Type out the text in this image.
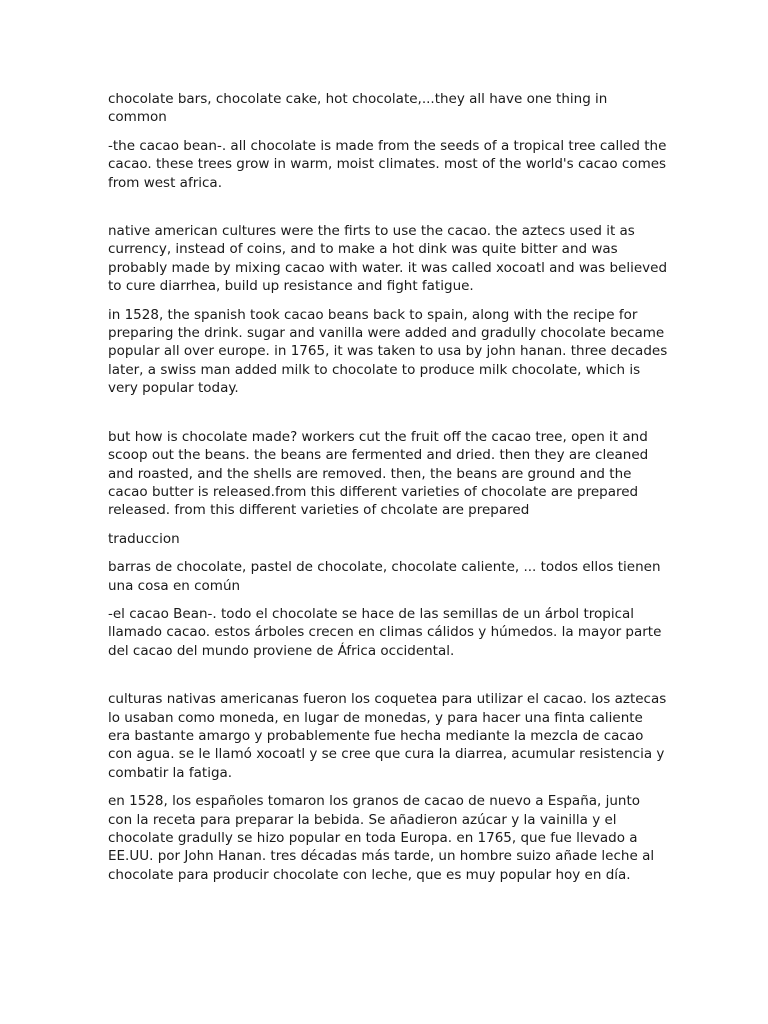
chocolate bars, chocolate cake, hot chocolate,...they all have one thing in common

-the cacao bean-. all chocolate is made from the seeds of a tropical tree called the cacao. these trees grow in warm, moist climates. most of the world's cacao comes from west africa.

native american cultures were the firts to use the cacao. the aztecs used it as currency, instead of coins, and to make a hot dink was quite bitter and was probably made by mixing cacao with water. it was called xocoatl and was believed to cure diarrhea, build up resistance and fight fatigue.

in 1528, the spanish took cacao beans back to spain, along with the recipe for preparing the drink. sugar and vanilla were added and gradully chocolate became popular all over europe. in 1765, it was taken to usa by john hanan. three decades later, a swiss man added milk to chocolate to produce milk chocolate, which is very popular today.

but how is chocolate made? workers cut the fruit off the cacao tree, open it and scoop out the beans. the beans are fermented and dried. then they are cleaned and roasted, and the shells are removed. then, the beans are ground and the cacao butter is released.from this different varieties of chocolate are prepared released. from this different varieties of chcolate are prepared

traduccion

barras de chocolate, pastel de chocolate, chocolate caliente, ... todos ellos tienen una cosa en común

-el cacao Bean-. todo el chocolate se hace de las semillas de un árbol tropical llamado cacao. estos árboles crecen en climas cálidos y húmedos. la mayor parte del cacao del mundo proviene de África occidental.

culturas nativas americanas fueron los coquetea para utilizar el cacao. los aztecas lo usaban como moneda, en lugar de monedas, y para hacer una finta caliente era bastante amargo y probablemente fue hecha mediante la mezcla de cacao con agua. se le llamó xocoatl y se cree que cura la diarrea, acumular resistencia y combatir la fatiga.

en 1528, los españoles tomaron los granos de cacao de nuevo a España, junto con la receta para preparar la bebida. Se añadieron azúcar y la vainilla y el chocolate gradully se hizo popular en toda Europa. en 1765, que fue llevado a EE.UU. por John Hanan. tres décadas más tarde, un hombre suizo añade leche al chocolate para producir chocolate con leche, que es muy popular hoy en día.
